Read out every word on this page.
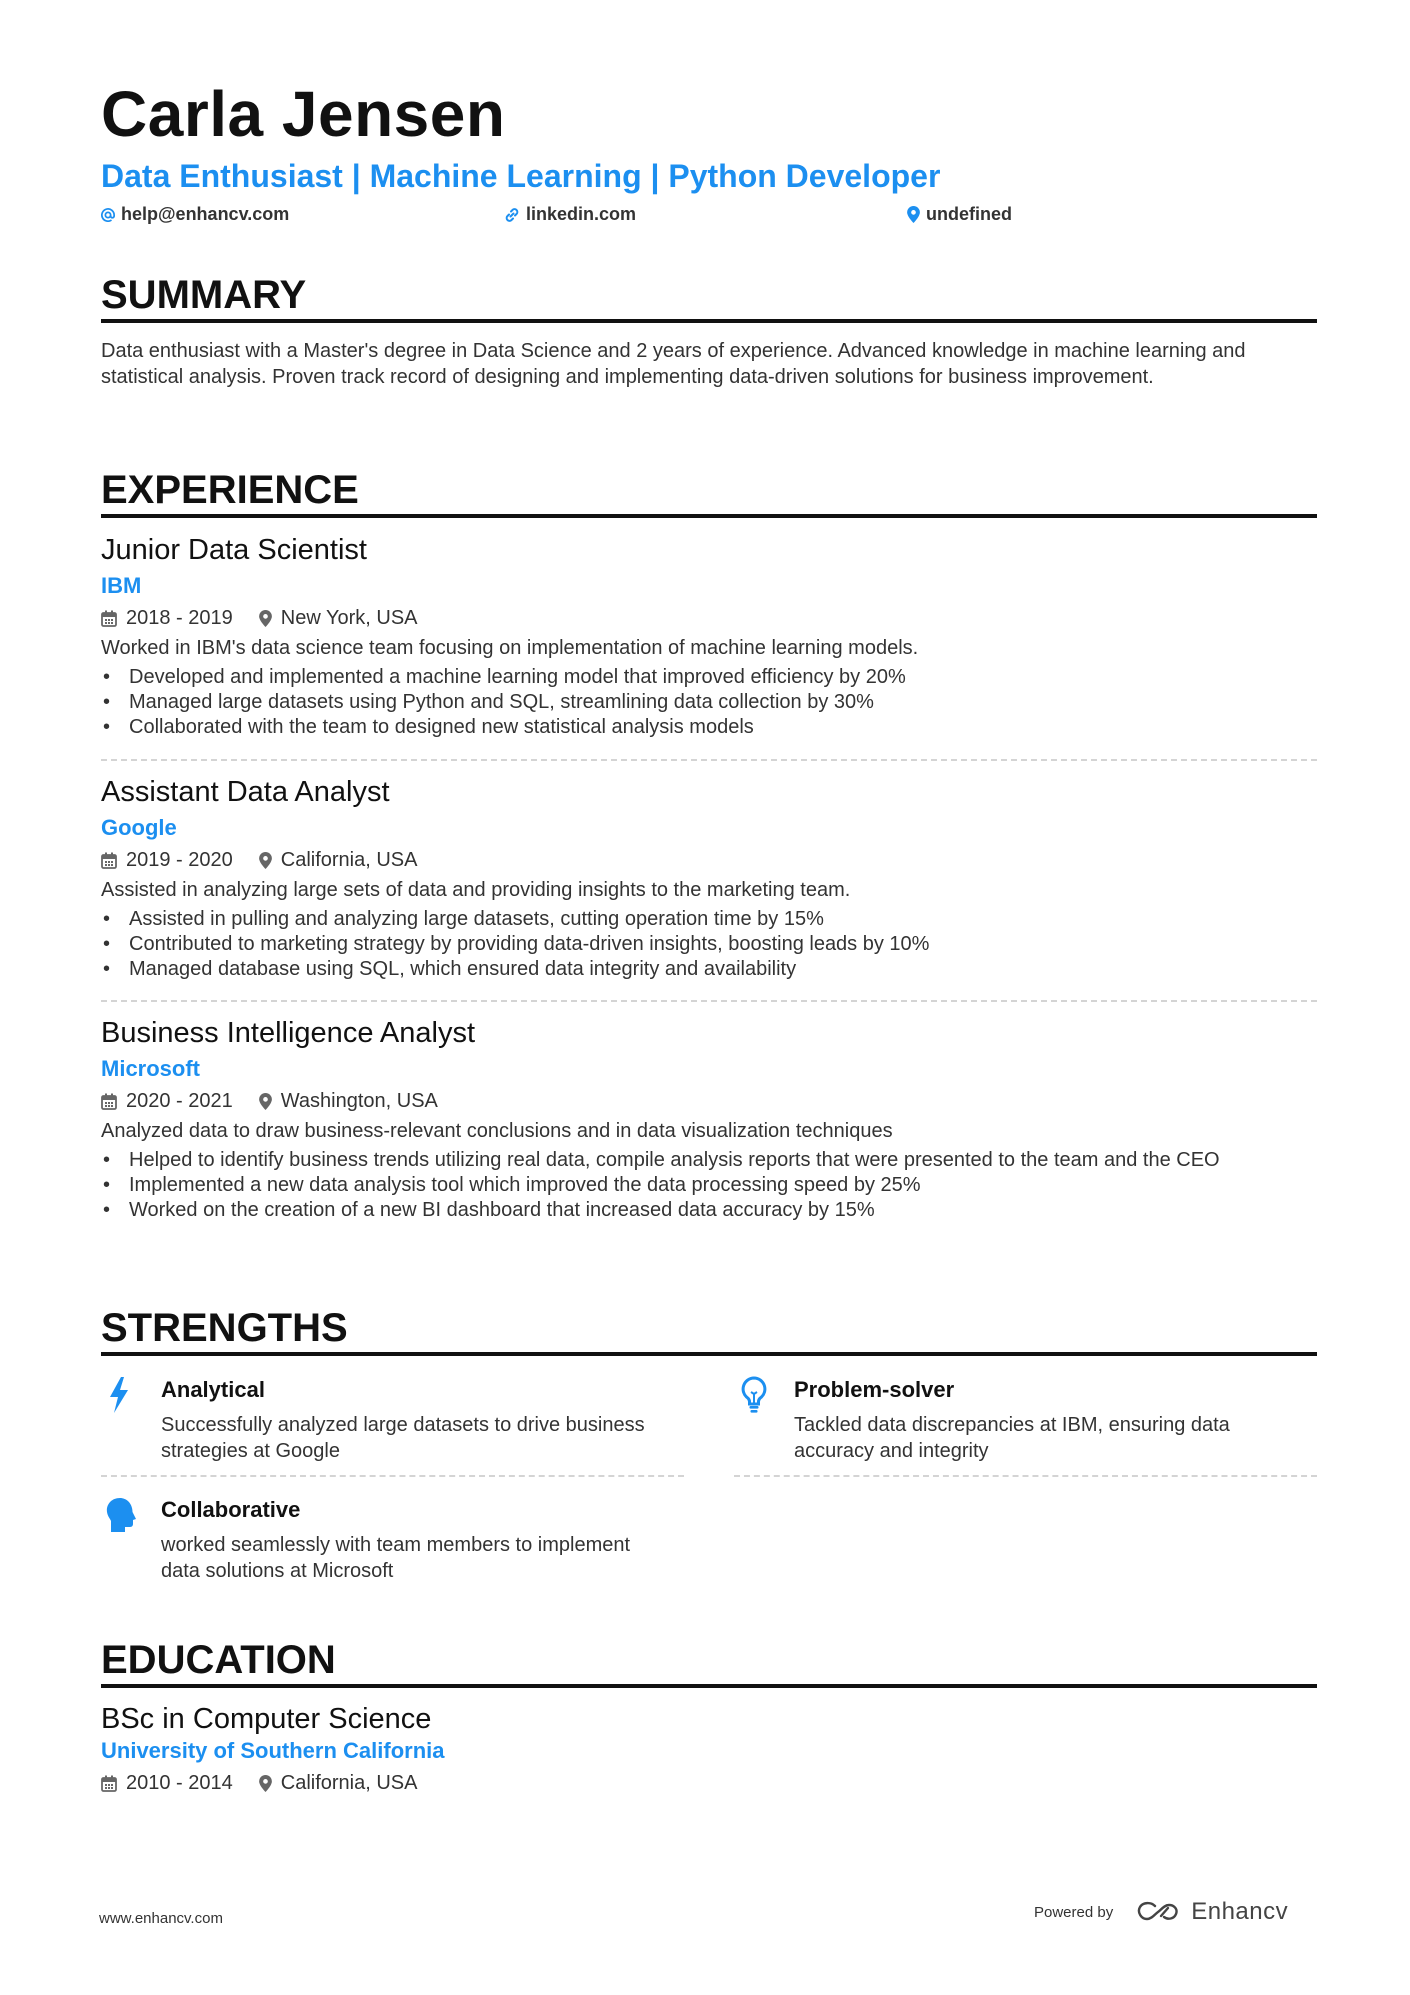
Carla Jensen
Data Enthusiast | Machine Learning | Python Developer
help@enhancv.com	linkedin.com	undefined
SUMMARY
Data enthusiast with a Master's degree in Data Science and 2 years of experience. Advanced knowledge in machine learning and statistical analysis. Proven track record of designing and implementing data-driven solutions for business improvement.
EXPERIENCE
Junior Data Scientist
IBM
2018 - 2019 New York, USA
Worked in IBM's data science team focusing on implementation of machine learning models.
• Developed and implemented a machine learning model that improved efficiency by 20%
• Managed large datasets using Python and SQL, streamlining data collection by 30%
• Collaborated with the team to designed new statistical analysis models
Assistant Data Analyst
Google
2019 - 2020 California, USA
Assisted in analyzing large sets of data and providing insights to the marketing team.
• Assisted in pulling and analyzing large datasets, cutting operation time by 15%
• Contributed to marketing strategy by providing data-driven insights, boosting leads by 10%
• Managed database using SQL, which ensured data integrity and availability
Business Intelligence Analyst
Microsoft
2020 - 2021 Washington, USA
Analyzed data to draw business-relevant conclusions and in data visualization techniques
• Helped to identify business trends utilizing real data, compile analysis reports that were presented to the team and the CEO
• Implemented a new data analysis tool which improved the data processing speed by 25%
• Worked on the creation of a new BI dashboard that increased data accuracy by 15%
STRENGTHS
Analytical
Successfully analyzed large datasets to drive business strategies at Google
Problem-solver
Tackled data discrepancies at IBM, ensuring data accuracy and integrity
Collaborative
worked seamlessly with team members to implement data solutions at Microsoft
EDUCATION
BSc in Computer Science
University of Southern California
2010 - 2014 California, USA
www.enhancv.com	Powered by	Enhancv
